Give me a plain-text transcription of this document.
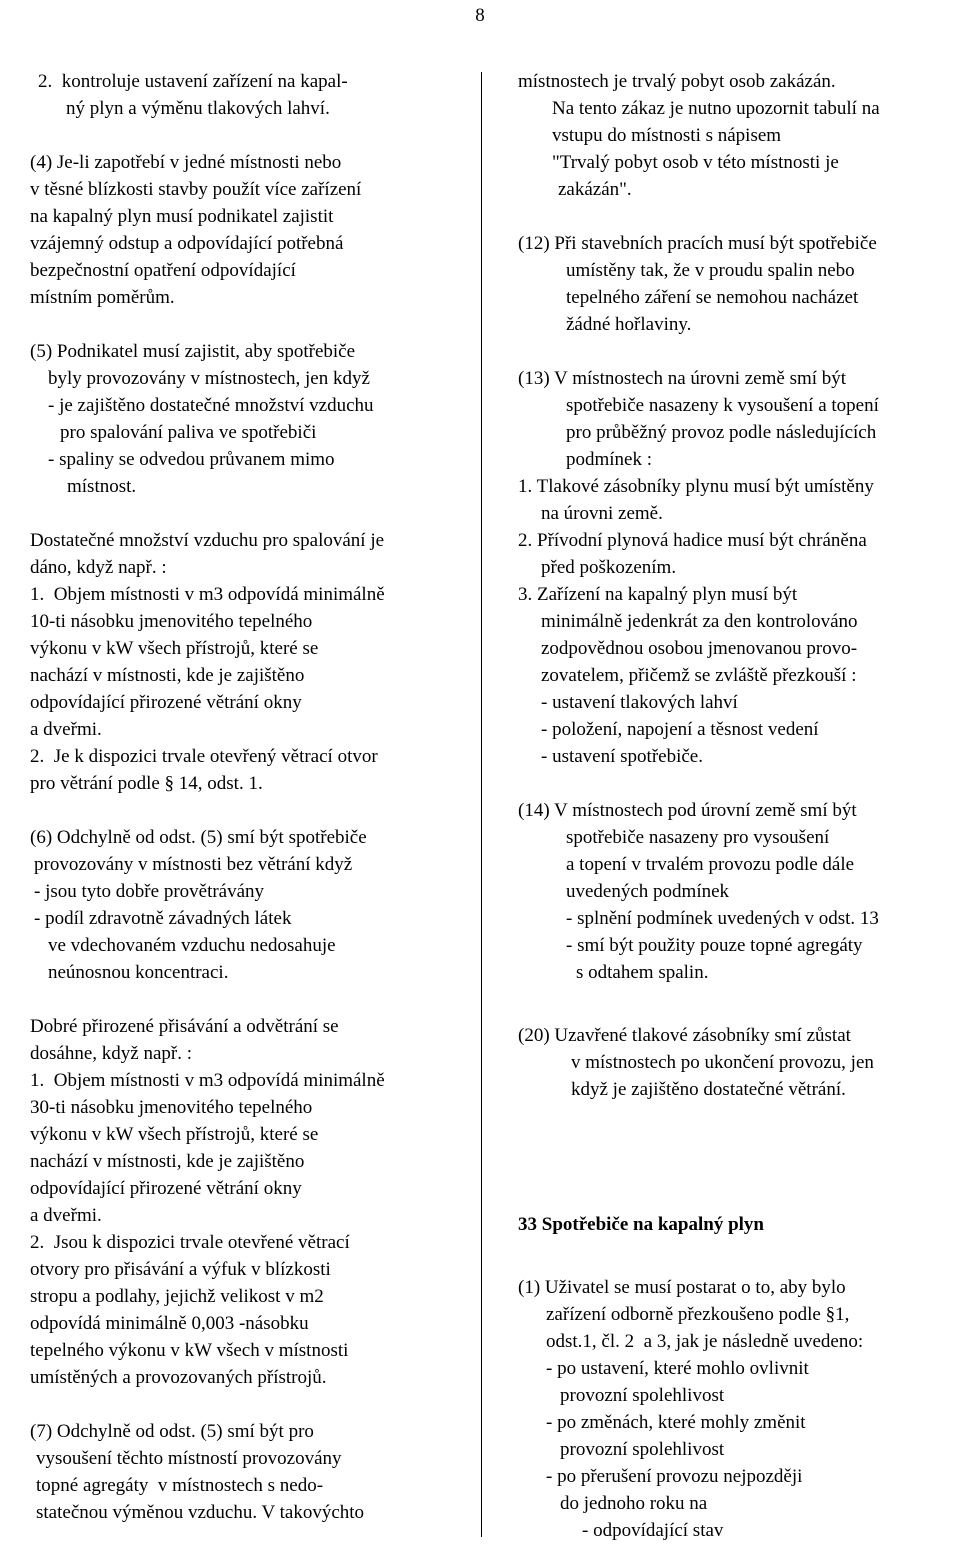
8
2.  kontroluje ustavení zařízení na kapal-
ný plyn a výměnu tlakových lahví.
(4) Je-li zapotřebí v jedné místnosti nebo
v těsné blízkosti stavby použít více zařízení
na kapalný plyn musí podnikatel zajistit
vzájemný odstup a odpovídající potřebná
bezpečnostní opatření odpovídající
místním poměrům.
(5) Podnikatel musí zajistit, aby spotřebiče
byly provozovány v místnostech, jen když
- je zajištěno dostatečné množství vzduchu
pro spalování paliva ve spotřebiči
- spaliny se odvedou průvanem mimo
místnost.
Dostatečné množství vzduchu pro spalování je
dáno, když např. :
1.  Objem místnosti v m3 odpovídá minimálně
10-ti násobku jmenovitého tepelného
výkonu v kW všech přístrojů, které se
nachází v místnosti, kde je zajištěno
odpovídající přirozené větrání okny
a dveřmi.
2.  Je k dispozici trvale otevřený větrací otvor
pro větrání podle § 14, odst. 1.
(6) Odchylně od odst. (5) smí být spotřebiče
provozovány v místnosti bez větrání když
- jsou tyto dobře provětrávány
- podíl zdravotně závadných látek
ve vdechovaném vzduchu nedosahuje
neúnosnou koncentraci.
Dobré přirozené přisávání a odvětrání se
dosáhne, když např. :
1.  Objem místnosti v m3 odpovídá minimálně
30-ti násobku jmenovitého tepelného
výkonu v kW všech přístrojů, které se
nachází v místnosti, kde je zajištěno
odpovídající přirozené větrání okny
a dveřmi.
2.  Jsou k dispozici trvale otevřené větrací
otvory pro přisávání a výfuk v blízkosti
stropu a podlahy, jejichž velikost v m2
odpovídá minimálně 0,003 -násobku
tepelného výkonu v kW všech v místnosti
umístěných a provozovaných přístrojů.
(7) Odchylně od odst. (5) smí být pro
vysoušení těchto místností provozovány
topné agregáty  v místnostech s nedo-
statečnou výměnou vzduchu. V takovýchto
místnostech je trvalý pobyt osob zakázán.
Na tento zákaz je nutno upozornit tabulí na
vstupu do místnosti s nápisem
"Trvalý pobyt osob v této místnosti je
zakázán".
(12) Při stavebních pracích musí být spotřebiče
umístěny tak, že v proudu spalin nebo
tepelného záření se nemohou nacházet
žádné hořlaviny.
(13) V místnostech na úrovni země smí být
spotřebiče nasazeny k vysoušení a topení
pro průběžný provoz podle následujících
podmínek :
1. Tlakové zásobníky plynu musí být umístěny
na úrovni země.
2. Přívodní plynová hadice musí být chráněna
před poškozením.
3. Zařízení na kapalný plyn musí být
minimálně jedenkrát za den kontrolováno
zodpovědnou osobou jmenovanou provo-
zovatelem, přičemž se zvláště přezkouší :
- ustavení tlakových lahví
- položení, napojení a těsnost vedení
- ustavení spotřebiče.
(14) V místnostech pod úrovní země smí být
spotřebiče nasazeny pro vysoušení
a topení v trvalém provozu podle dále
uvedených podmínek
- splnění podmínek uvedených v odst. 13
- smí být použity pouze topné agregáty
s odtahem spalin.
(20) Uzavřené tlakové zásobníky smí zůstat
v místnostech po ukončení provozu, jen
když je zajištěno dostatečné větrání.
33 Spotřebiče na kapalný plyn
(1) Uživatel se musí postarat o to, aby bylo
zařízení odborně přezkoušeno podle §1,
odst.1, čl. 2  a 3, jak je následně uvedeno:
- po ustavení, které mohlo ovlivnit
provozní spolehlivost
- po změnách, které mohly změnit
provozní spolehlivost
- po přerušení provozu nejpozději
do jednoho roku na
- odpovídající stav
